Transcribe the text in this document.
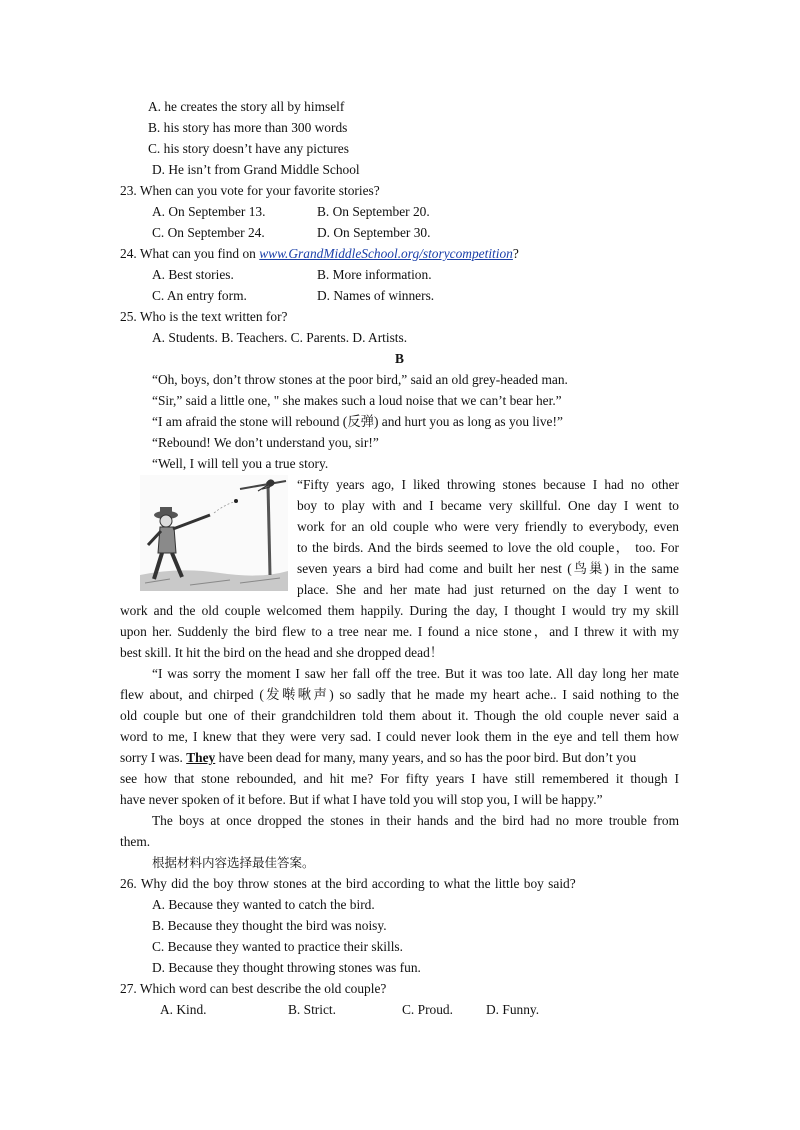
A. he creates the story all by himself
B. his story has more than 300 words
C. his story doesn’t have any pictures
D. He isn’t from Grand Middle School
23. When can you vote for your favorite stories?
A. On September 13.	B. On September 20.
C. On September 24.	D. On September 30.
24. What can you find on www.GrandMiddleSchool.org/storycompetition?
A. Best stories.	B. More information.
C. An entry form.	D. Names of winners.
25. Who is the text written for?
A. Students. B. Teachers. C. Parents. D. Artists.
B
“Oh, boys, don’t throw stones at the poor bird,” said an old grey-headed man.
“Sir,” said a little one, " she makes such a loud noise that we can’t bear her.”
“I am afraid the stone will rebound (反弹) and hurt you as long as you live!”
“Rebound! We don’t understand you, sir!”
“Well, I will tell you a true story.
“Fifty years ago, I liked throwing stones because I had no other
boy to play with and I became very skillful. One day I went to
work for an old couple who were very friendly to everybody, even
to the birds. And the birds seemed to love the old couple， too. For
seven years a bird had come and built her nest (鸟巢) in the same
place. She and her mate had just returned on the day I went to
work and the old couple welcomed them happily. During the day, I thought I would try my skill
upon her. Suddenly the bird flew to a tree near me. I found a nice stone，and I threw it with my
best skill. It hit the bird on the head and she dropped dead！
“I was sorry the moment I saw her fall off the tree. But it was too late. All day long her mate
flew about, and chirped (发啭啾声) so sadly that he made my heart ache.. I said nothing to the
old couple but one of their grandchildren told them about it. Though the old couple never said a
word to me, I knew that they were very sad. I could never look them in the eye and tell them how
sorry I was. They have been dead for many, many years, and so has the poor bird. But don’t you
see how that stone rebounded, and hit me? For fifty years I have still remembered it though I
have never spoken of it before. But if what I have told you will stop you, I will be happy.”
The boys at once dropped the stones in their hands and the bird had no more trouble from
them.
根据材料内容选择最佳答案。
26. Why did the boy throw stones at the bird according to what the little boy said?
A. Because they wanted to catch the bird.
B. Because they thought the bird was noisy.
C. Because they wanted to practice their skills.
D. Because they thought throwing stones was fun.
27. Which word can best describe the old couple?
A. Kind.	B. Strict.	C. Proud. D. Funny.
